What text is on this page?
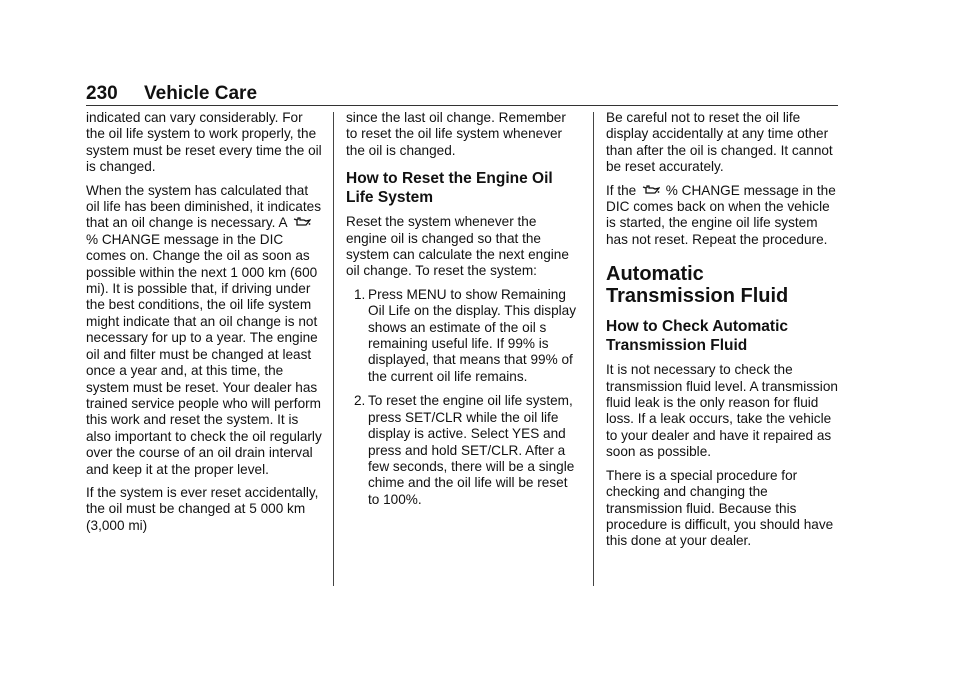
230 Vehicle Care

indicated can vary considerably. For the oil life system to work properly, the system must be reset every time the oil is changed.

When the system has calculated that oil life has been diminished, it indicates that an oil change is necessary. A  % CHANGE message in the DIC comes on. Change the oil as soon as possible within the next 1 000 km (600 mi). It is possible that, if driving under the best conditions, the oil life system might indicate that an oil change is not necessary for up to a year. The engine oil and filter must be changed at least once a year and, at this time, the system must be reset. Your dealer has trained service people who will perform this work and reset the system. It is also important to check the oil regularly over the course of an oil drain interval and keep it at the proper level.

If the system is ever reset accidentally, the oil must be changed at 5 000 km (3,000 mi)

since the last oil change. Remember to reset the oil life system whenever the oil is changed.

How to Reset the Engine Oil Life System

Reset the system whenever the engine oil is changed so that the system can calculate the next engine oil change. To reset the system:

1. Press MENU to show Remaining Oil Life on the display. This display shows an estimate of the oil s remaining useful life. If 99% is displayed, that means that 99% of the current oil life remains.
2. To reset the engine oil life system, press SET/CLR while the oil life display is active. Select YES and press and hold SET/CLR. After a few seconds, there will be a single chime and the oil life will be reset to 100%.

Be careful not to reset the oil life display accidentally at any time other than after the oil is changed. It cannot be reset accurately.

If the % CHANGE message in the DIC comes back on when the vehicle is started, the engine oil life system has not reset. Repeat the procedure.

Automatic Transmission Fluid
How to Check Automatic Transmission Fluid

It is not necessary to check the transmission fluid level. A transmission fluid leak is the only reason for fluid loss. If a leak occurs, take the vehicle to your dealer and have it repaired as soon as possible.

There is a special procedure for checking and changing the transmission fluid. Because this procedure is difficult, you should have this done at your dealer.
